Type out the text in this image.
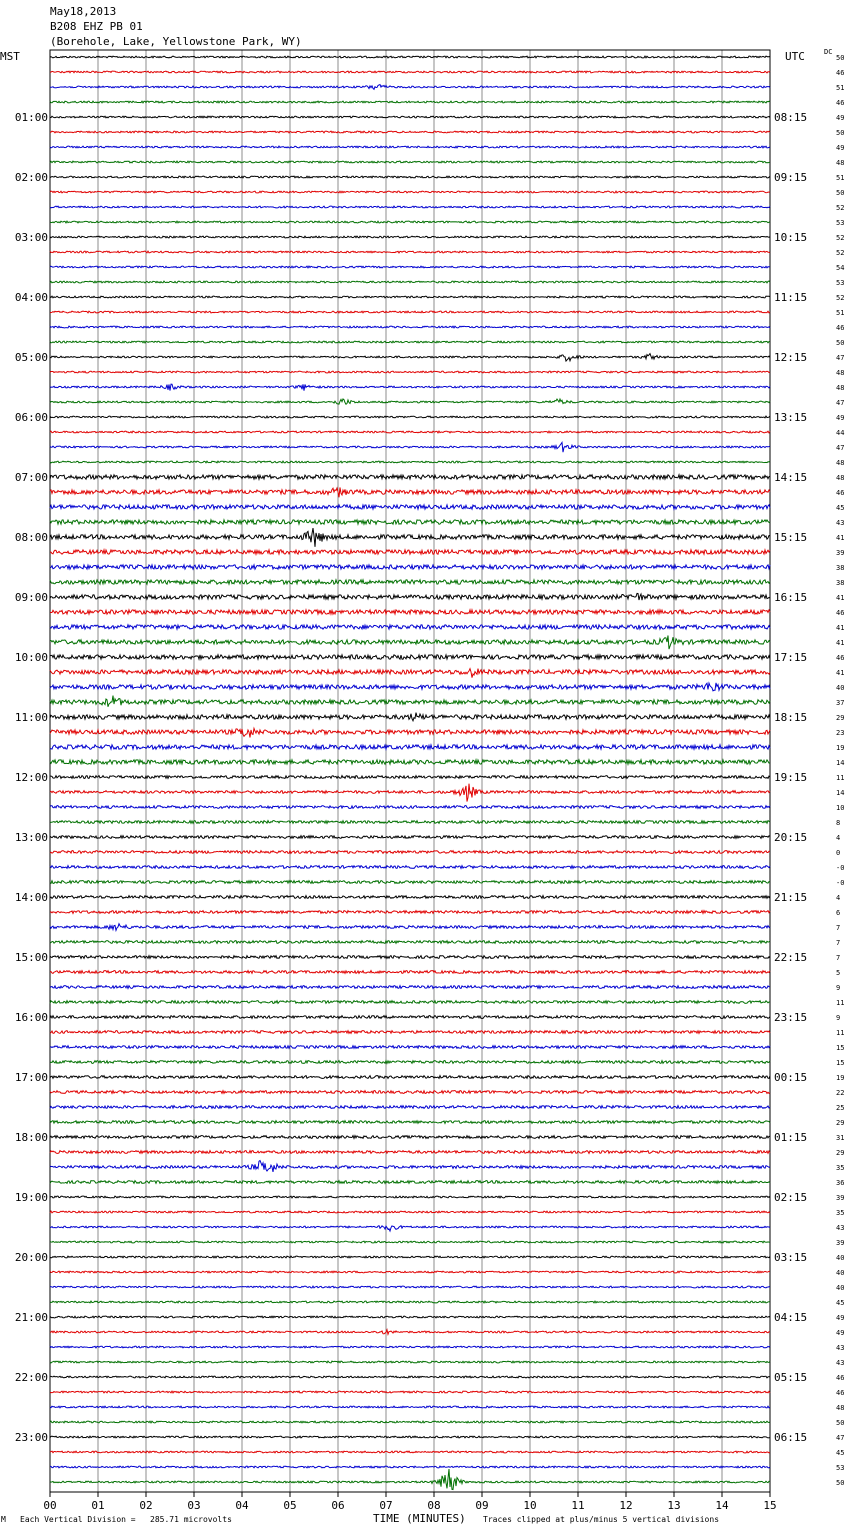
May18,2013
B208 EHZ PB 01
(Borehole, Lake, Yellowstone Park, WY)
MST	UTC	DC
50
46
51
46
49
50
49
48
51
50
52
53
52
52
54
53
52
51
46
50
47
48
48
47
49
44
47
48
48
46
45
43
41
39
38
38
41
46
41
41
46
41
40
37
29
23
19
14
11
14
10
8
4
0
-0
-0
4
6
7
7
7
5
9
11
9
11
15
15
19
22
25
29
31
29
35
36
39
35
43
39
40
40
40
45
49
49
43
43
46
46
48
50
47
45
53
50
01:00
02:00
03:00
04:00
05:00
06:00
07:00
08:00
09:00
10:00
11:00
12:00
13:00
14:00
15:00
16:00
17:00
18:00
19:00
20:00
21:00
22:00
23:00
08:15
09:15
10:15
11:15
12:15
13:15
14:15
15:15
16:15
17:15
18:15
19:15
20:15
21:15
22:15
23:15
00:15
01:15
02:15
03:15
04:15
05:15
06:15
00	01	02	03	04	05	06	07	08	09	10	11	12	13	14	15
TIME (MINUTES)
M Each Vertical Division = 285.71 microvolts	Traces clipped at plus/minus 5 vertical divisions
